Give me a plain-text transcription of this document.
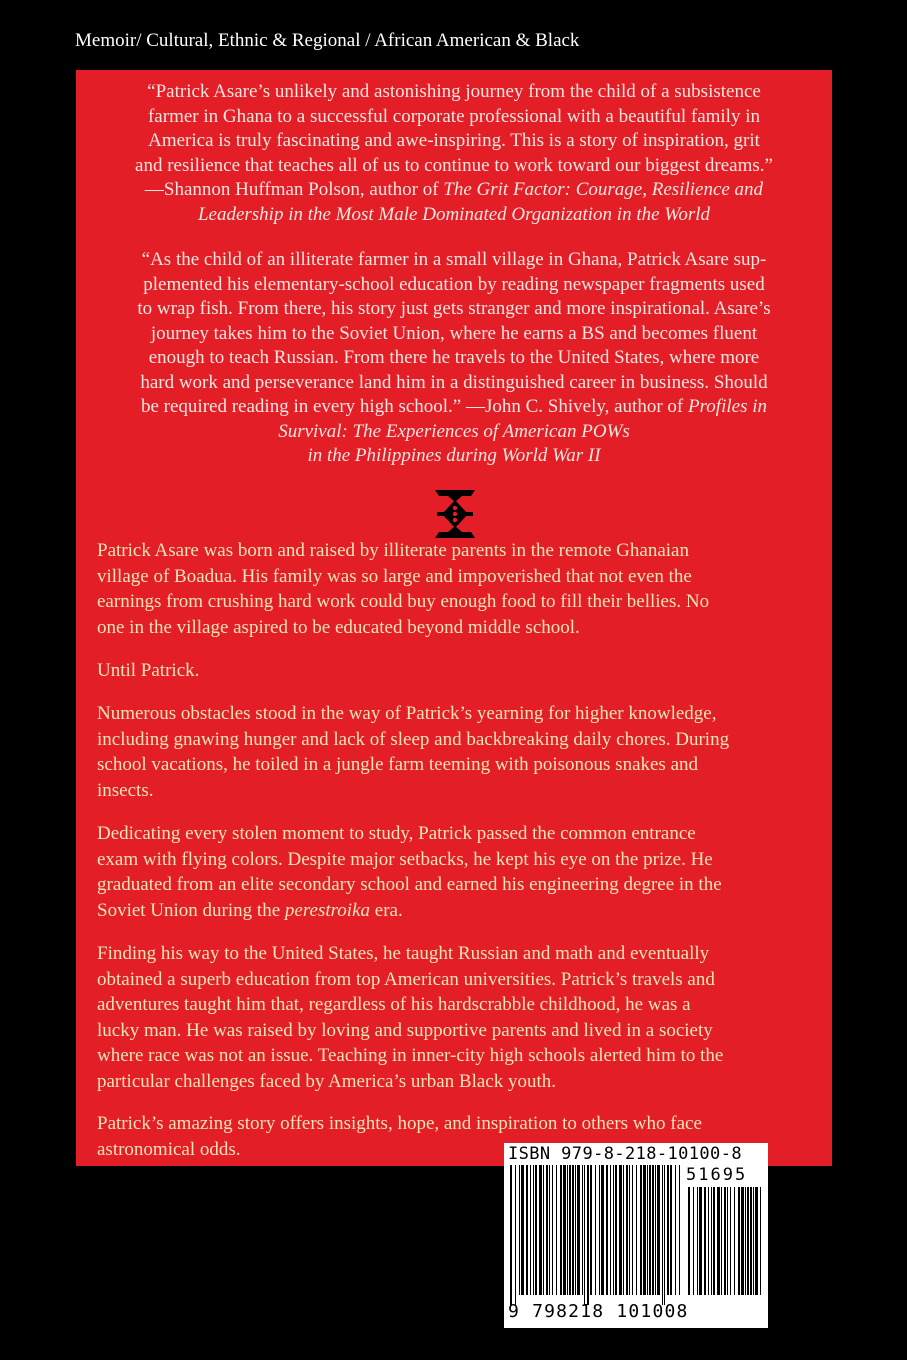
Memoir/ Cultural, Ethnic & Regional / African American & Black
“Patrick Asare’s unlikely and astonishing journey from the child of a subsistence
farmer in Ghana to a successful corporate professional with a beautiful family in
America is truly fascinating and awe-inspiring. This is a story of inspiration, grit
and resilience that teaches all of us to continue to work toward our biggest dreams.”
—Shannon Huffman Polson, author of The Grit Factor: Courage, Resilience and
Leadership in the Most Male Dominated Organization in the World
“As the child of an illiterate farmer in a small village in Ghana, Patrick Asare sup-
plemented his elementary-school education by reading newspaper fragments used
to wrap fish. From there, his story just gets stranger and more inspirational. Asare’s
journey takes him to the Soviet Union, where he earns a BS and becomes fluent
enough to teach Russian. From there he travels to the United States, where more
hard work and perseverance land him in a distinguished career in business. Should
be required reading in every high school.” —John C. Shively, author of Profiles in
Survival: The Experiences of American POWs
in the Philippines during World War II
Patrick Asare was born and raised by illiterate parents in the remote Ghanaian
village of Boadua. His family was so large and impoverished that not even the
earnings from crushing hard work could buy enough food to fill their bellies. No
one in the village aspired to be educated beyond middle school.
Until Patrick.
Numerous obstacles stood in the way of Patrick’s yearning for higher knowledge,
including gnawing hunger and lack of sleep and backbreaking daily chores. During
school vacations, he toiled in a jungle farm teeming with poisonous snakes and
insects.
Dedicating every stolen moment to study, Patrick passed the common entrance
exam with flying colors. Despite major setbacks, he kept his eye on the prize. He
graduated from an elite secondary school and earned his engineering degree in the
Soviet Union during the perestroika era.
Finding his way to the United States, he taught Russian and math and eventually
obtained a superb education from top American universities. Patrick’s travels and
adventures taught him that, regardless of his hardscrabble childhood, he was a
lucky man. He was raised by loving and supportive parents and lived in a society
where race was not an issue. Teaching in inner-city high schools alerted him to the
particular challenges faced by America’s urban Black youth.
Patrick’s amazing story offers insights, hope, and inspiration to others who face
astronomical odds.	ISBN 979-8-218-10100-8
51695
9 798218 101008
